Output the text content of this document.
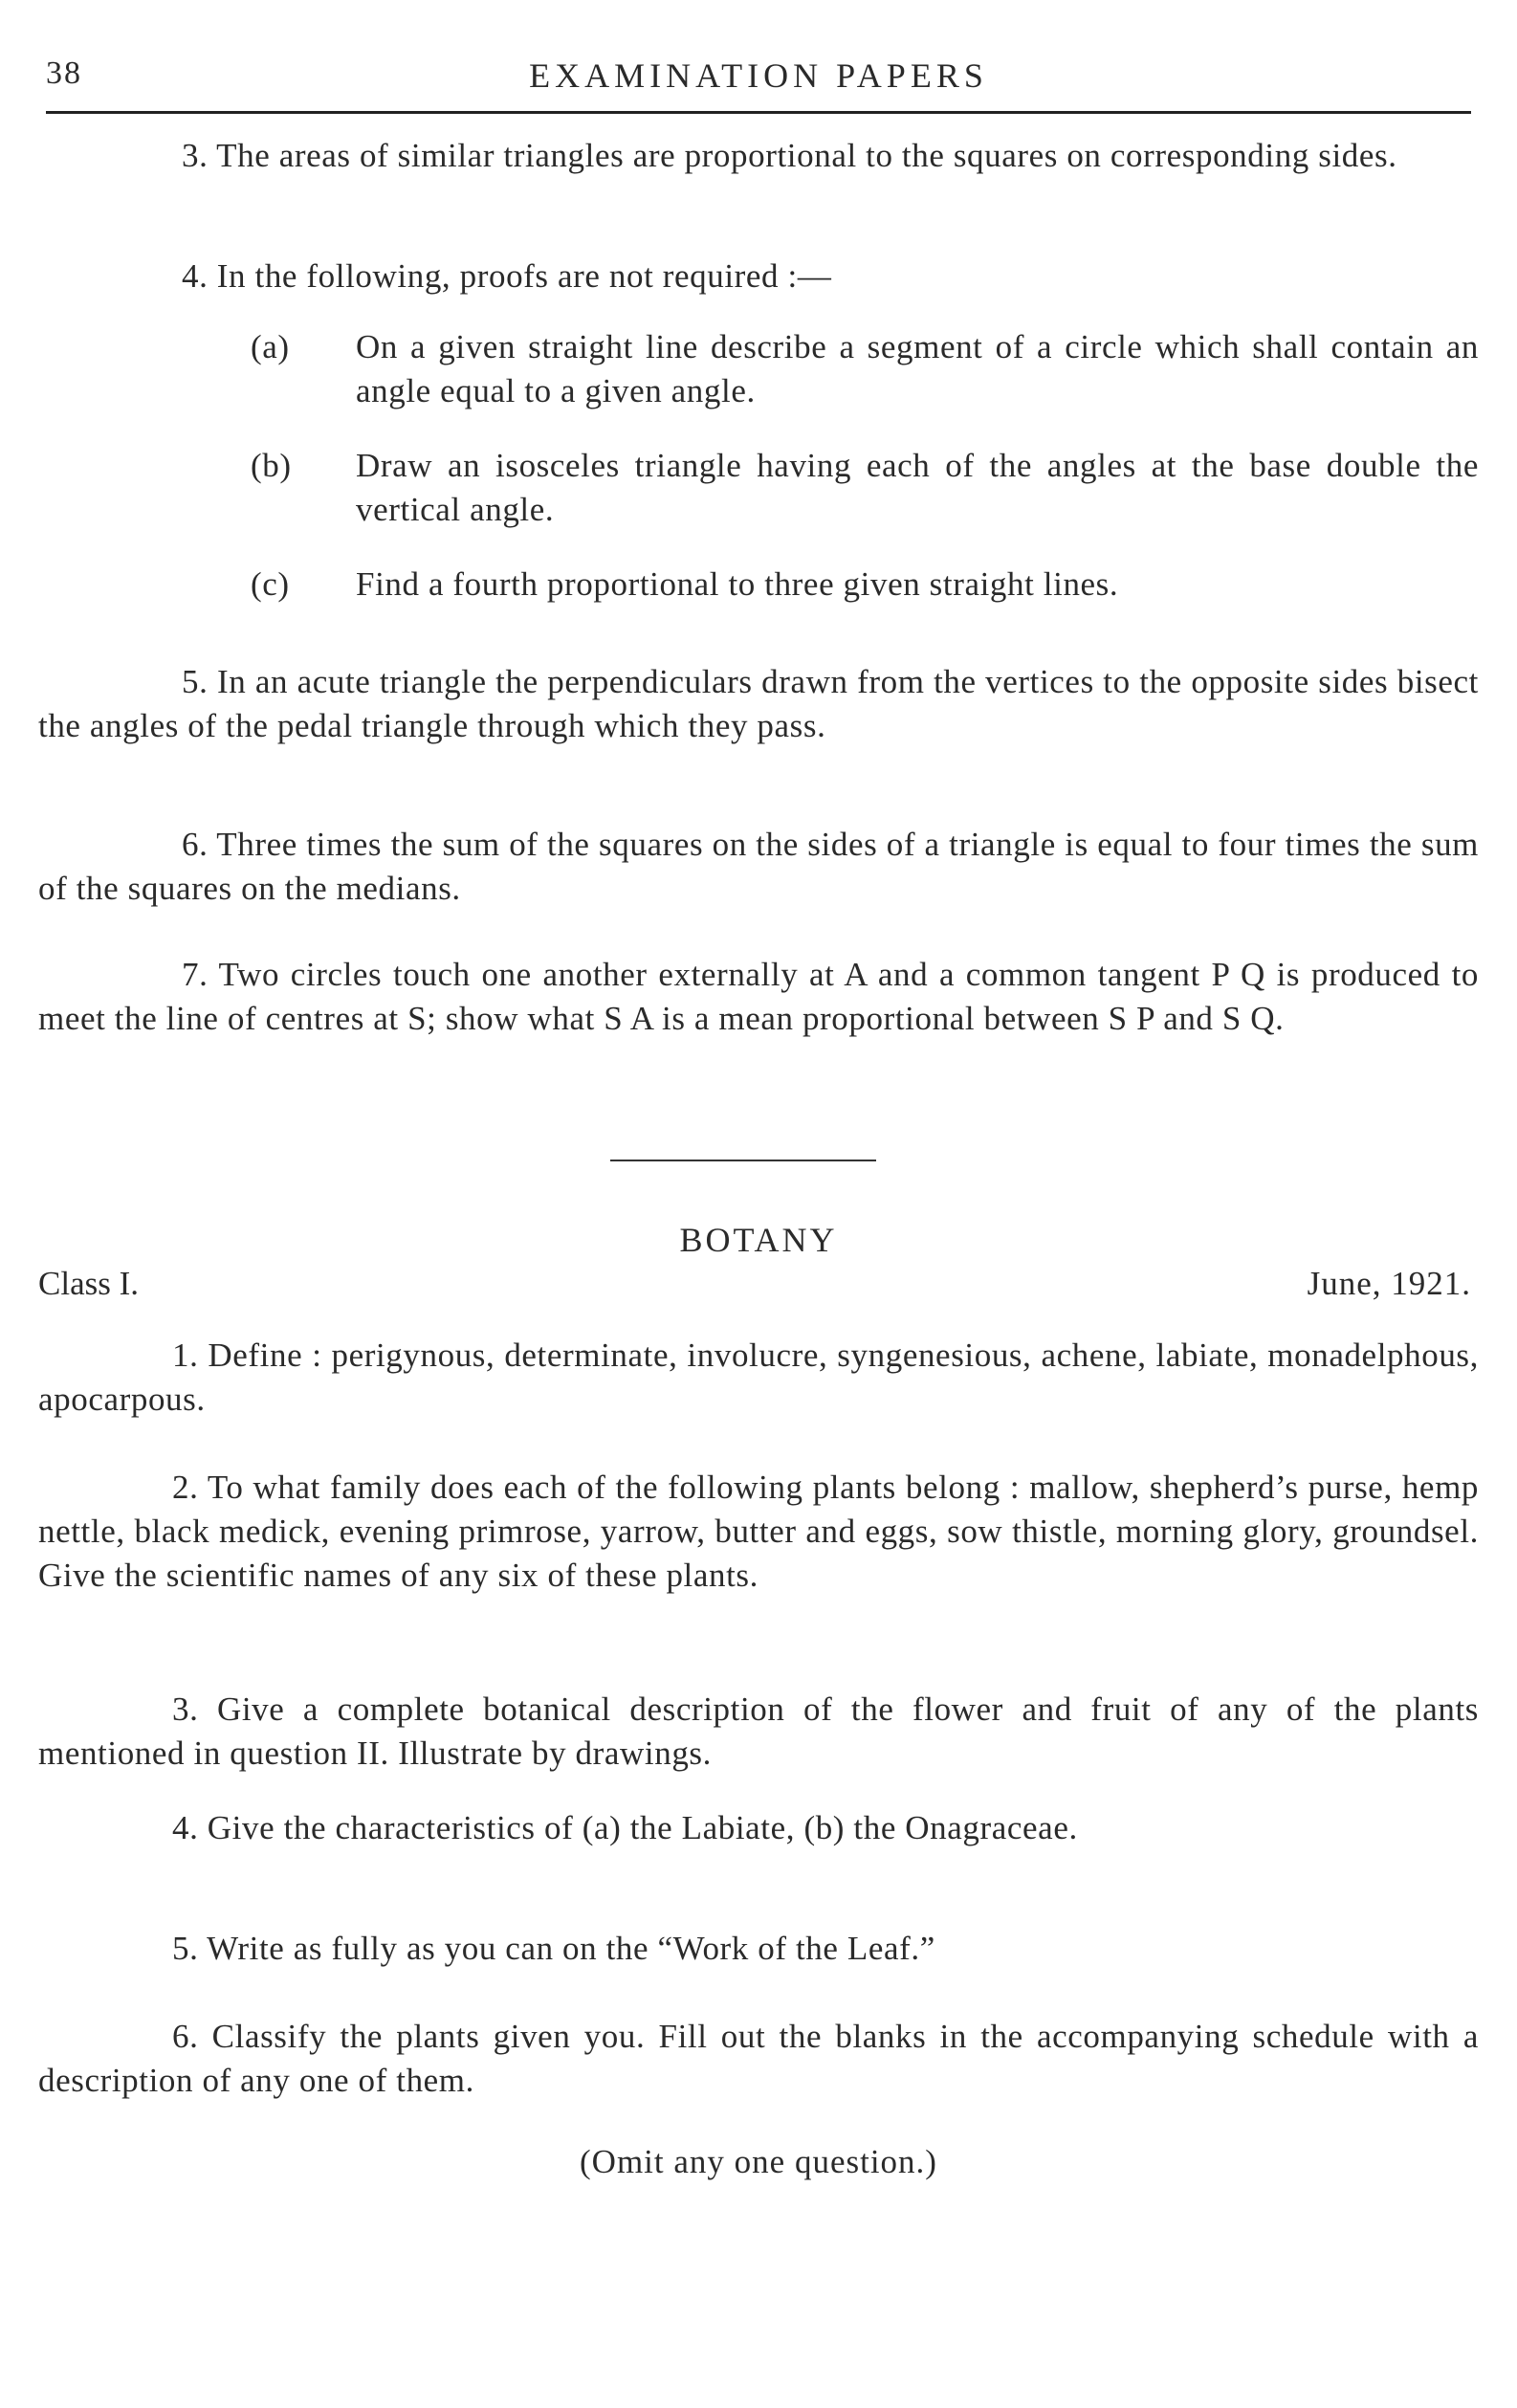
38	EXAMINATION PAPERS

3. The areas of similar triangles are proportional to the squares on corresponding sides.

4. In the following, proofs are not required :—

(a) On a given straight line describe a segment of a circle which shall contain an angle equal to a given angle.
(b) Draw an isosceles triangle having each of the angles at the base double the vertical angle.
(c) Find a fourth proportional to three given straight lines.

5. In an acute triangle the perpendiculars drawn from the vertices to the opposite sides bisect the angles of the pedal triangle through which they pass.

6. Three times the sum of the squares on the sides of a triangle is equal to four times the sum of the squares on the medians.

7. Two circles touch one another externally at A and a common tangent P Q is produced to meet the line of centres at S; show what S A is a mean proportional between S P and S Q.

BOTANY
Class I.	June, 1921.

1. Define : perigynous, determinate, involucre, syngenesious, achene, labiate, monadelphous, apocarpous.

2. To what family does each of the following plants belong : mallow, shepherd’s purse, hemp nettle, black medick, evening primrose, yarrow, butter and eggs, sow thistle, morning glory, groundsel. Give the scientific names of any six of these plants.

3. Give a complete botanical description of the flower and fruit of any of the plants mentioned in question II. Illustrate by drawings.

4. Give the characteristics of (a) the Labiate, (b) the Onagraceae.

5. Write as fully as you can on the “Work of the Leaf.”

6. Classify the plants given you. Fill out the blanks in the accompanying schedule with a description of any one of them.

(Omit any one question.)
